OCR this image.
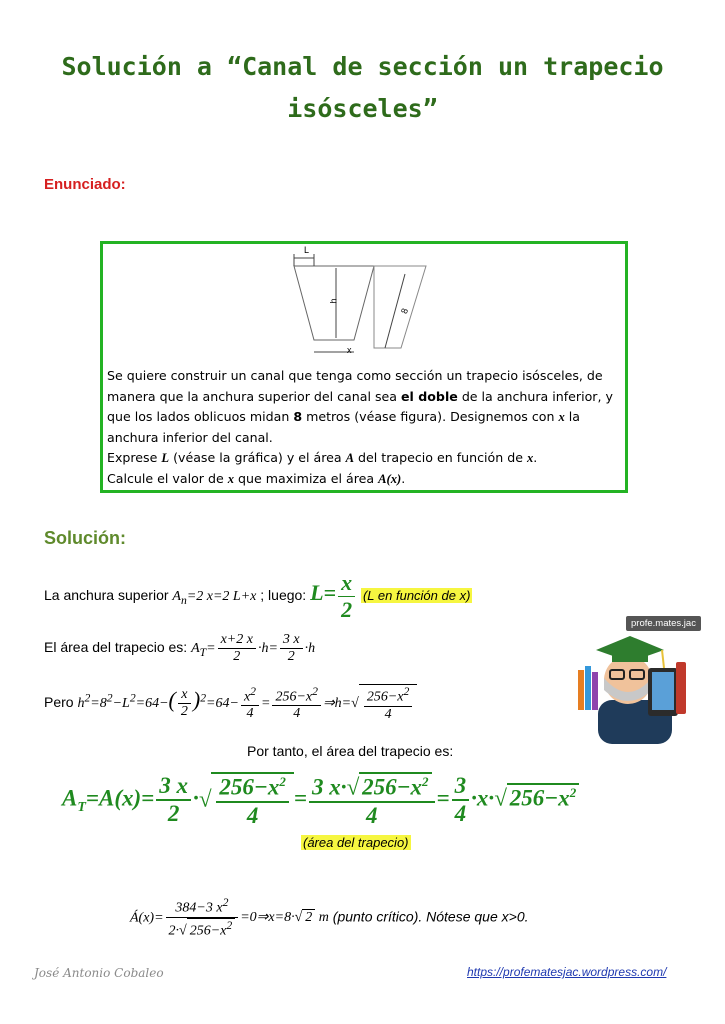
Solución a “Canal de sección un trapecio isósceles”
Enunciado:
L
h
8
x

Se quiere construir un canal que tenga como sección un trapecio isósceles, de manera que la anchura superior del canal sea el doble de la anchura inferior, y que los lados oblicuos midan 8 metros (véase figura). Designemos con x la anchura inferior del canal.

Exprese L (véase la gráfica) y el área A del trapecio en función de x.

Calcule el valor de x que maximiza el área A(x).

Solución:
La anchura superior $A_n=2$ x=2 L+x ; luego: $L= \frac{x}{2} (L$ en función de x)
El área del trapecio es: $A_T= \frac{x+2 x}{2} \cdot h= \frac{3 x}{2} \cdot h$
Pero $h^2=8^2-L^2=64-( \frac{x}{2} )^2=64- \frac{x^2}{4} = \frac{256-x^2}{4}$ ⇒h=√ $\frac{256-x^2}{4}$
Por tanto, el área del trapecio es:
$A_T=A(x)= \frac{3 x}{2}$ ·√ $\frac{256-x^2}{4} = \frac{3 x\cdot√ 256-x^2}{4} = \frac{3}{4} \cdot x\cdot√$ $256-x^2$
(área del trapecio)
Á(x)= $\frac{384-3 x^2}{2\cdot√ 256-x^2}$ =0⇒x=8·√ 2 m (punto crítico). Nótese que x>0.
profe.mates.jac
José Antonio Cobaleo	https://profematesjac.wordpress.com/
